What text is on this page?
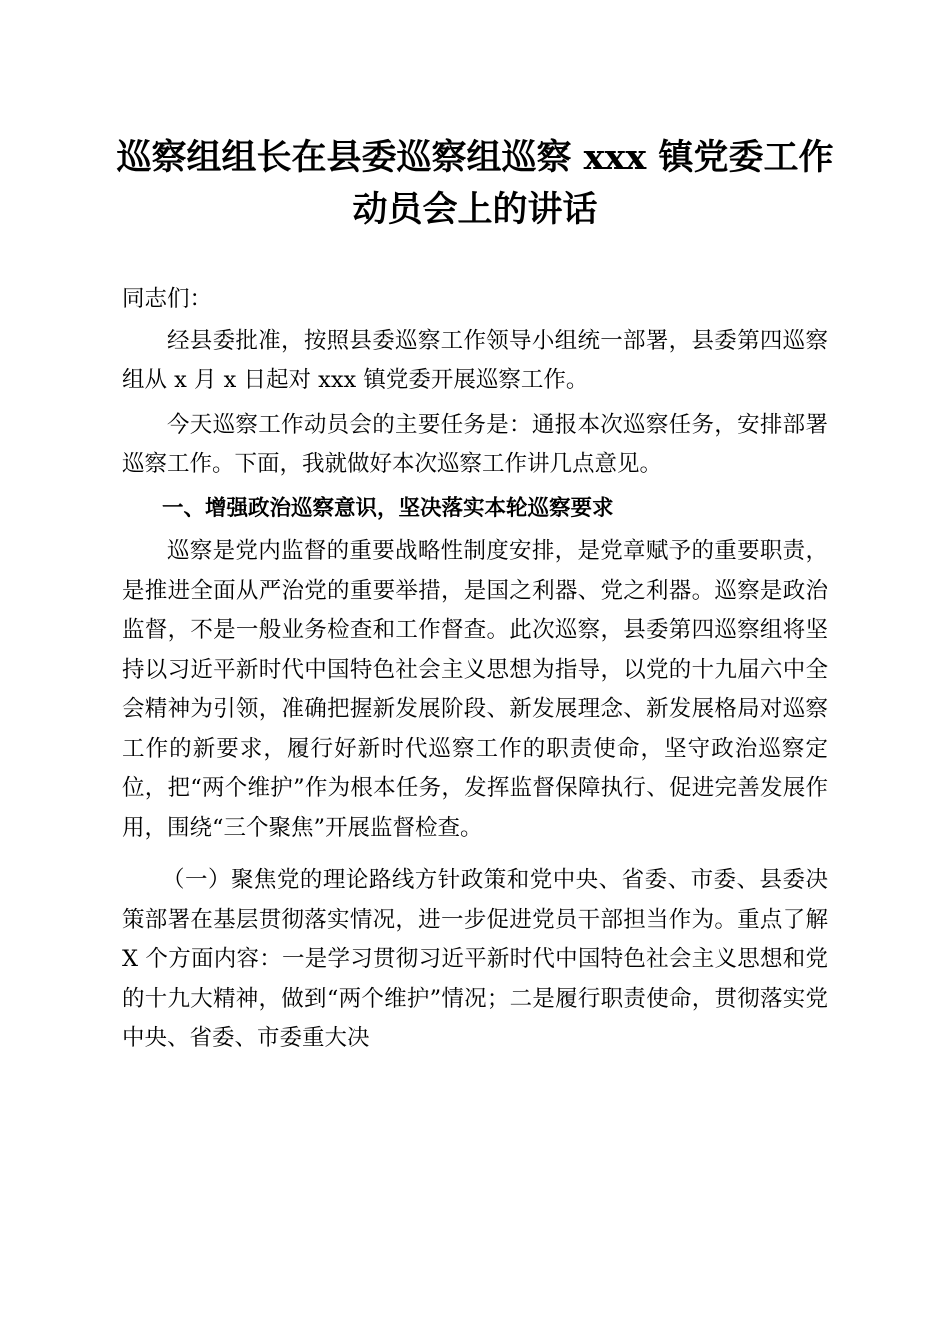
巡察组组长在县委巡察组巡察 xxx 镇党委工作
动员会上的讲话

同志们：

经县委批准，按照县委巡察工作领导小组统一部署，县委第四巡察组从 x 月 x 日起对 xxx 镇党委开展巡察工作。

今天巡察工作动员会的主要任务是：通报本次巡察任务，安排部署巡察工作。下面，我就做好本次巡察工作讲几点意见。

一、增强政治巡察意识，坚决落实本轮巡察要求

巡察是党内监督的重要战略性制度安排，是党章赋予的重要职责，是推进全面从严治党的重要举措，是国之利器、党之利器。巡察是政治监督，不是一般业务检查和工作督查。此次巡察，县委第四巡察组将坚持以习近平新时代中国特色社会主义思想为指导，以党的十九届六中全会精神为引领，准确把握新发展阶段、新发展理念、新发展格局对巡察工作的新要求，履行好新时代巡察工作的职责使命，坚守政治巡察定位，把“两个维护”作为根本任务，发挥监督保障执行、促进完善发展作用，围绕“三个聚焦”开展监督检查。

（一）聚焦党的理论路线方针政策和党中央、省委、市委、县委决策部署在基层贯彻落实情况，进一步促进党员干部担当作为。重点了解 X 个方面内容：一是学习贯彻习近平新时代中国特色社会主义思想和党的十九大精神，做到“两个维护”情况；二是履行职责使命，贯彻落实党中央、省委、市委重大决
